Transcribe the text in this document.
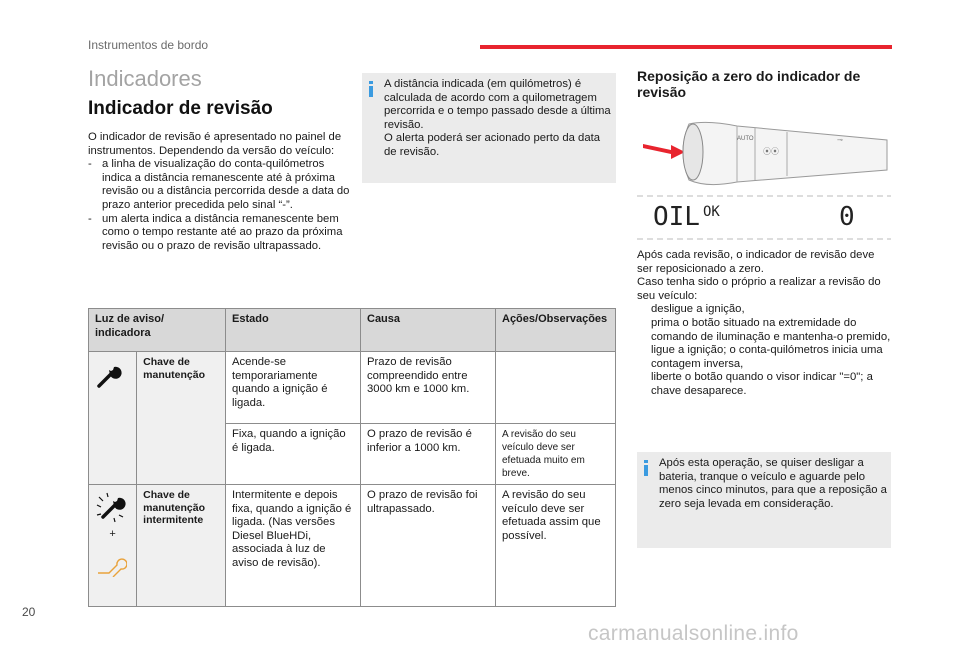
Instrumentos de bordo
Indicadores
Indicador de revisão
O indicador de revisão é apresentado no painel de instrumentos. Dependendo da versão do veículo:
- a linha de visualização do conta-quilómetros indica a distância remanescente até à próxima revisão ou a distância percorrida desde a data do prazo anterior precedida pelo sinal “-”.
- um alerta indica a distância remanescente bem como o tempo restante até ao prazo da próxima revisão ou o prazo de revisão ultrapassado.
A distância indicada (em quilómetros) é calculada de acordo com a quilometragem percorrida e o tempo passado desde a última revisão.
O alerta poderá ser acionado perto da data de revisão.
Luz de aviso/ indicadora		Estado	Causa	Ações/Observações
	Chave de manutenção	Acende-se temporariamente quando a ignição é ligada.	Prazo de revisão compreendido entre 3000 km e 1000 km.	
		Fixa, quando a ignição é ligada.	O prazo de revisão é inferior a 1000 km.	A revisão do seu veículo deve ser efetuada muito em breve.

+	Chave de manutenção intermitente	Intermitente e depois fixa, quando a ignição é ligada. (Nas versões Diesel BlueHDi, associada à luz de aviso de revisão).	O prazo de revisão foi ultrapassado.	A revisão do seu veículo deve ser efetuada assim que possível.
Reposição a zero do indicador de revisão
AUTO
⦿⦿
⊸
OIL OK	0
Após cada revisão, o indicador de revisão deve ser reposicionado a zero.
Caso tenha sido o próprio a realizar a revisão do seu veículo:
desligue a ignição,
prima o botão situado na extremidade do comando de iluminação e mantenha-o premido,
ligue a ignição; o conta-quilómetros inicia uma contagem inversa,
liberte o botão quando o visor indicar "=0"; a chave desaparece.
Após esta operação, se quiser desligar a bateria, tranque o veículo e aguarde pelo menos cinco minutos, para que a reposição a zero seja levada em consideração.
20
carmanualsonline.info
